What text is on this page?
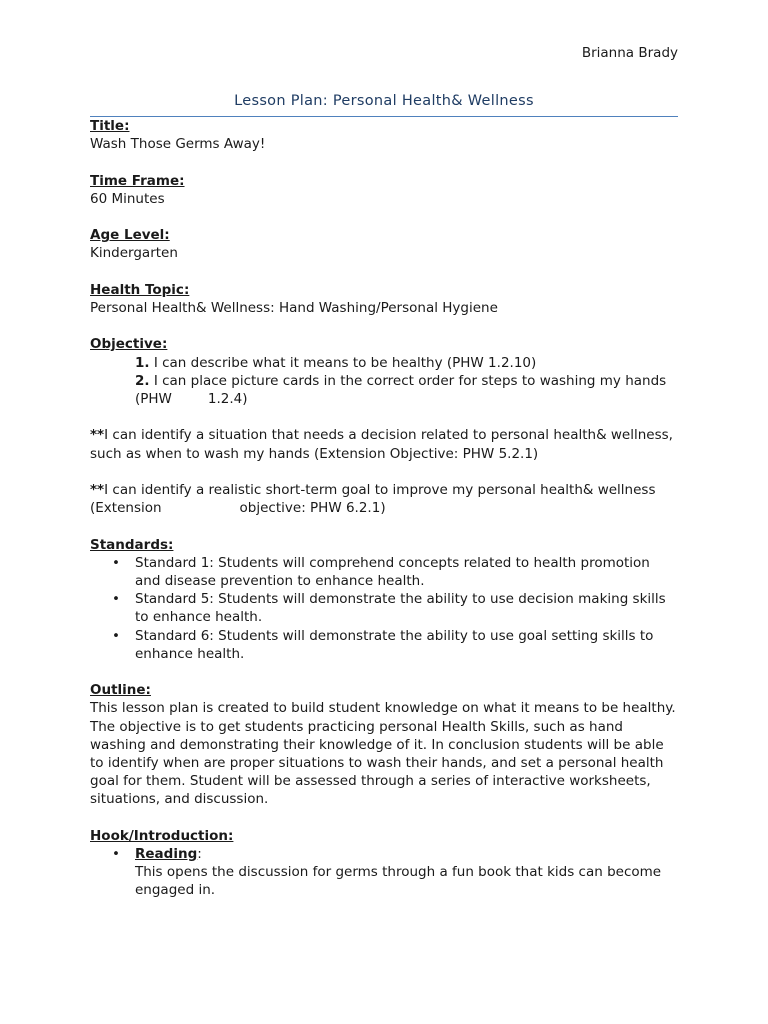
Brianna Brady
Lesson Plan: Personal Health& Wellness
Title:

Wash Those Germs Away!

Time Frame:

60 Minutes

Age Level:

Kindergarten

Health Topic:

Personal Health& Wellness: Hand Washing/Personal Hygiene

Objective:

1. I can describe what it means to be healthy (PHW 1.2.10)

2. I can place picture cards in the correct order for steps to washing my hands (PHW	1.2.4)

**I can identify a situation that needs a decision related to personal health& wellness, such as when to wash my hands (Extension Objective: PHW 5.2.1)

**I can identify a realistic short-term goal to improve my personal health& wellness (Extension	objective: PHW 6.2.1)

Standards:
• Standard 1: Students will comprehend concepts related to health promotion and disease prevention to enhance health.
• Standard 5: Students will demonstrate the ability to use decision making skills to enhance health.
• Standard 6: Students will demonstrate the ability to use goal setting skills to enhance health.
Outline:

This lesson plan is created to build student knowledge on what it means to be healthy. The objective is to get students practicing personal Health Skills, such as hand washing and demonstrating their knowledge of it. In conclusion students will be able to identify when are proper situations to wash their hands, and set a personal health goal for them. Student will be assessed through a series of interactive worksheets, situations, and discussion.

Hook/Introduction:
• Reading:
This opens the discussion for germs through a fun book that kids can become engaged in.
